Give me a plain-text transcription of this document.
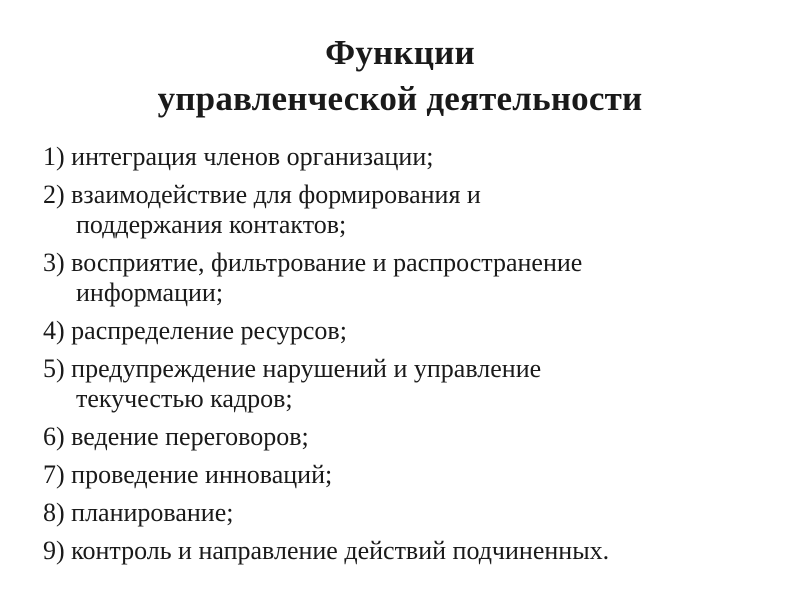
Функции
управленческой деятельности
1) интеграция членов организации;
2) взаимодействие для формирования и
поддержания контактов;
3) восприятие, фильтрование и распространение
информации;
4) распределение ресурсов;
5) предупреждение нарушений и управление
текучестью кадров;
6) ведение переговоров;
7) проведение инноваций;
8) планирование;
9) контроль и направление действий подчиненных.
